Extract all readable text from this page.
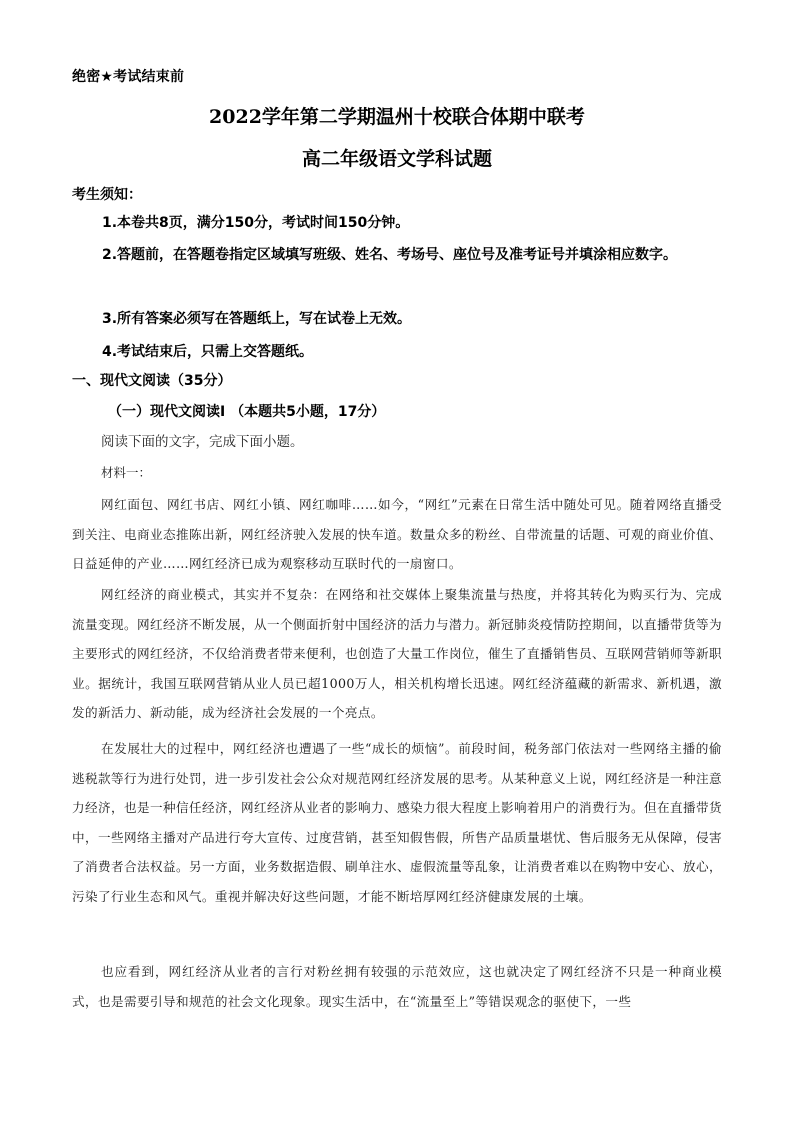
绝密★考试结束前
2022学年第二学期温州十校联合体期中联考
高二年级语文学科试题
考生须知：
1.本卷共8页，满分150分，考试时间150分钟。
2.答题前，在答题卷指定区域填写班级、姓名、考场号、座位号及准考证号并填涂相应数字。
3.所有答案必须写在答题纸上，写在试卷上无效。
4.考试结束后，只需上交答题纸。
一、现代文阅读（35分）
（一）现代文阅读Ⅰ （本题共5小题，17分）
阅读下面的文字，完成下面小题。
材料一：
网红面包、网红书店、网红小镇、网红咖啡……如今，“网红”元素在日常生活中随处可见。随着网络直播受到关注、电商业态推陈出新，网红经济驶入发展的快车道。数量众多的粉丝、自带流量的话题、可观的商业价值、日益延伸的产业……网红经济已成为观察移动互联时代的一扇窗口。
网红经济的商业模式，其实并不复杂：在网络和社交媒体上聚集流量与热度，并将其转化为购买行为、完成流量变现。网红经济不断发展，从一个侧面折射中国经济的活力与潜力。新冠肺炎疫情防控期间，以直播带货等为主要形式的网红经济，不仅给消费者带来便利，也创造了大量工作岗位，催生了直播销售员、互联网营销师等新职业。据统计，我国互联网营销从业人员已超1000万人，相关机构增长迅速。网红经济蕴藏的新需求、新机遇，激发的新活力、新动能，成为经济社会发展的一个亮点。
在发展壮大的过程中，网红经济也遭遇了一些“成长的烦恼”。前段时间，税务部门依法对一些网络主播的偷逃税款等行为进行处罚，进一步引发社会公众对规范网红经济发展的思考。从某种意义上说，网红经济是一种注意力经济，也是一种信任经济，网红经济从业者的影响力、感染力很大程度上影响着用户的消费行为。但在直播带货中，一些网络主播对产品进行夸大宣传、过度营销，甚至知假售假，所售产品质量堪忧、售后服务无从保障，侵害了消费者合法权益。另一方面，业务数据造假、刷单注水、虚假流量等乱象，让消费者难以在购物中安心、放心，污染了行业生态和风气。重视并解决好这些问题，才能不断培厚网红经济健康发展的土壤。
也应看到，网红经济从业者的言行对粉丝拥有较强的示范效应，这也就决定了网红经济不只是一种商业模式，也是需要引导和规范的社会文化现象。现实生活中，在“流量至上”等错误观念的驱使下，一些
